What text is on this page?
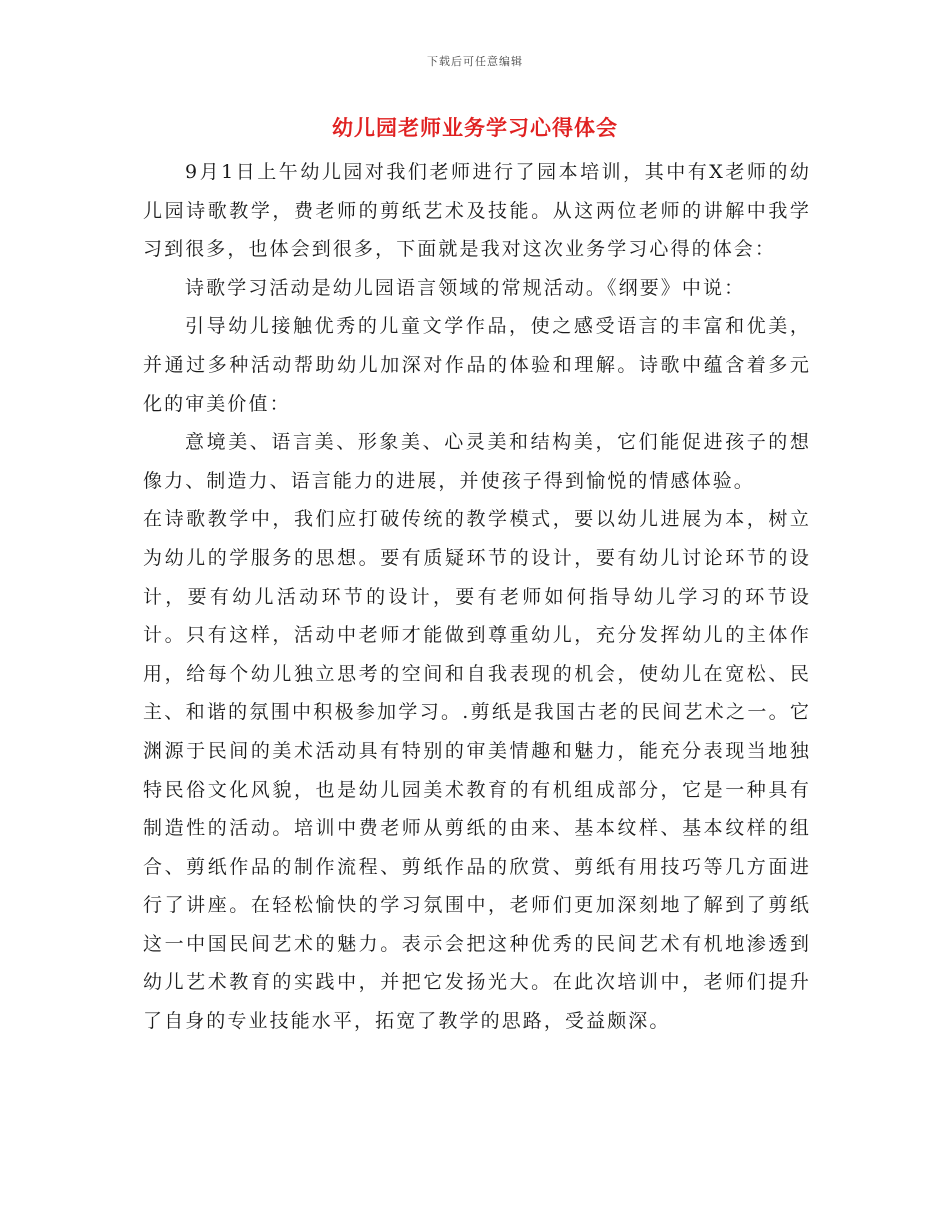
下载后可任意编辑
幼儿园老师业务学习心得体会

9月1日上午幼儿园对我们老师进行了园本培训，其中有X老师的幼儿园诗歌教学，费老师的剪纸艺术及技能。从这两位老师的讲解中我学习到很多，也体会到很多，下面就是我对这次业务学习心得的体会：

诗歌学习活动是幼儿园语言领域的常规活动。《纲要》中说：

引导幼儿接触优秀的儿童文学作品，使之感受语言的丰富和优美，并通过多种活动帮助幼儿加深对作品的体验和理解。诗歌中蕴含着多元化的审美价值：

意境美、语言美、形象美、心灵美和结构美，它们能促进孩子的想像力、制造力、语言能力的进展，并使孩子得到愉悦的情感体验。

在诗歌教学中，我们应打破传统的教学模式，要以幼儿进展为本，树立为幼儿的学服务的思想。要有质疑环节的设计，要有幼儿讨论环节的设计，要有幼儿活动环节的设计，要有老师如何指导幼儿学习的环节设计。只有这样，活动中老师才能做到尊重幼儿，充分发挥幼儿的主体作用，给每个幼儿独立思考的空间和自我表现的机会，使幼儿在宽松、民主、和谐的氛围中积极参加学习。.剪纸是我国古老的民间艺术之一。它渊源于民间的美术活动具有特别的审美情趣和魅力，能充分表现当地独特民俗文化风貌，也是幼儿园美术教育的有机组成部分，它是一种具有制造性的活动。培训中费老师从剪纸的由来、基本纹样、基本纹样的组合、剪纸作品的制作流程、剪纸作品的欣赏、剪纸有用技巧等几方面进行了讲座。在轻松愉快的学习氛围中，老师们更加深刻地了解到了剪纸这一中国民间艺术的魅力。表示会把这种优秀的民间艺术有机地渗透到幼儿艺术教育的实践中，并把它发扬光大。在此次培训中，老师们提升了自身的专业技能水平，拓宽了教学的思路，受益颇深。
